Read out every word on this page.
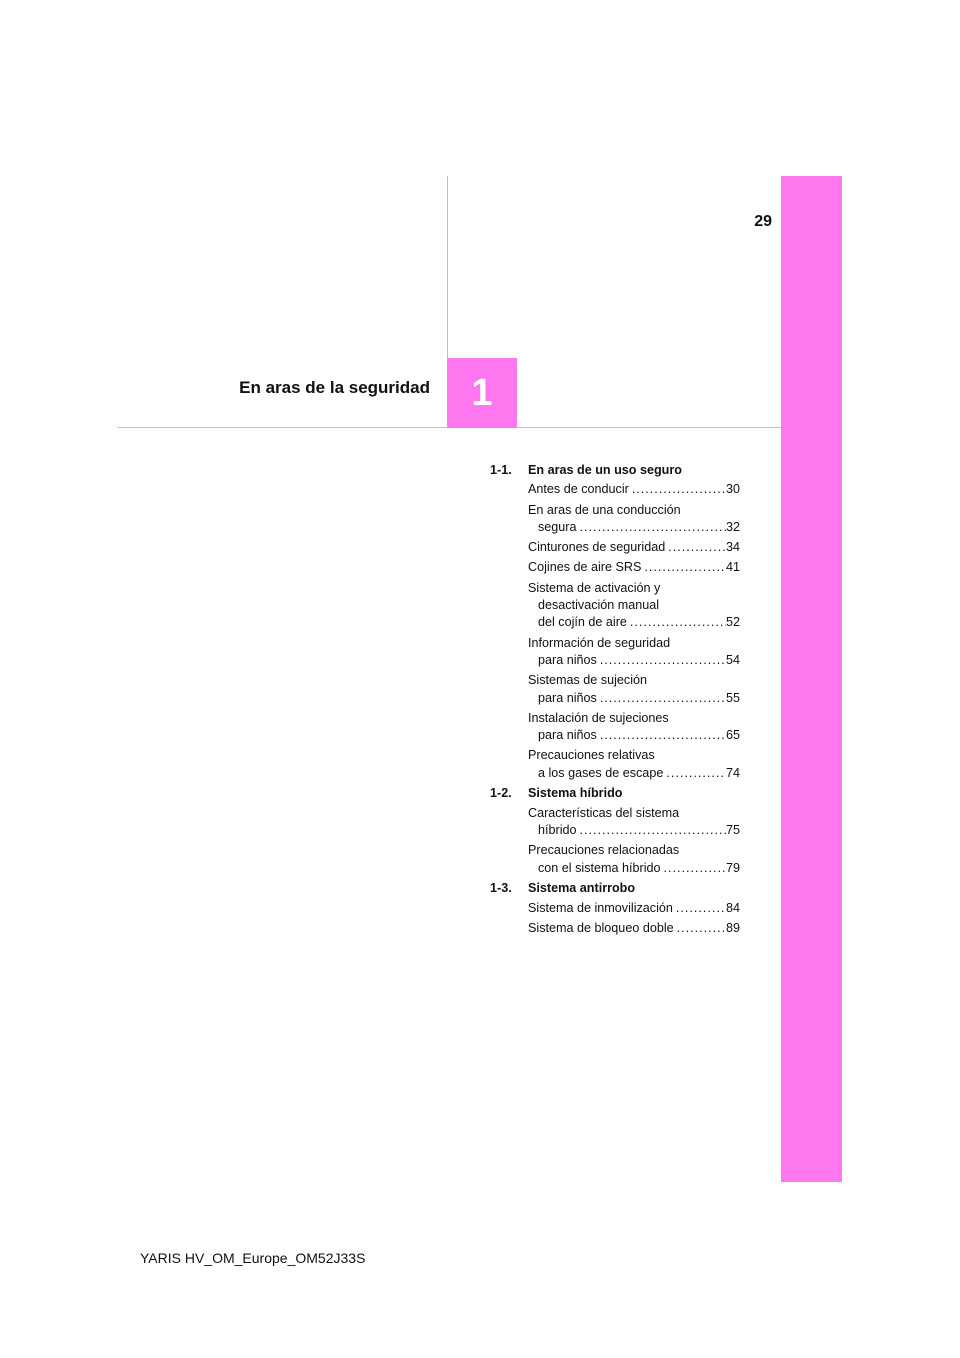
29
1
En aras de la seguridad
1-1.	En aras de un uso seguro
Antes de conducir .....	30
En aras de una conducción
segura .....	32
Cinturones de seguridad .....	34
Cojines de aire SRS .....	41
Sistema de activación y
desactivación manual
del cojín de aire .....	52
Información de seguridad
para niños .....	54
Sistemas de sujeción
para niños .....	55
Instalación de sujeciones
para niños .....	65
Precauciones relativas
a los gases de escape .....	74
1-2.	Sistema híbrido
Características del sistema
híbrido .....	75
Precauciones relacionadas
con el sistema híbrido .....	79
1-3.	Sistema antirrobo
Sistema de inmovilización .....	84
Sistema de bloqueo doble .....	89
YARIS HV_OM_Europe_OM52J33S
